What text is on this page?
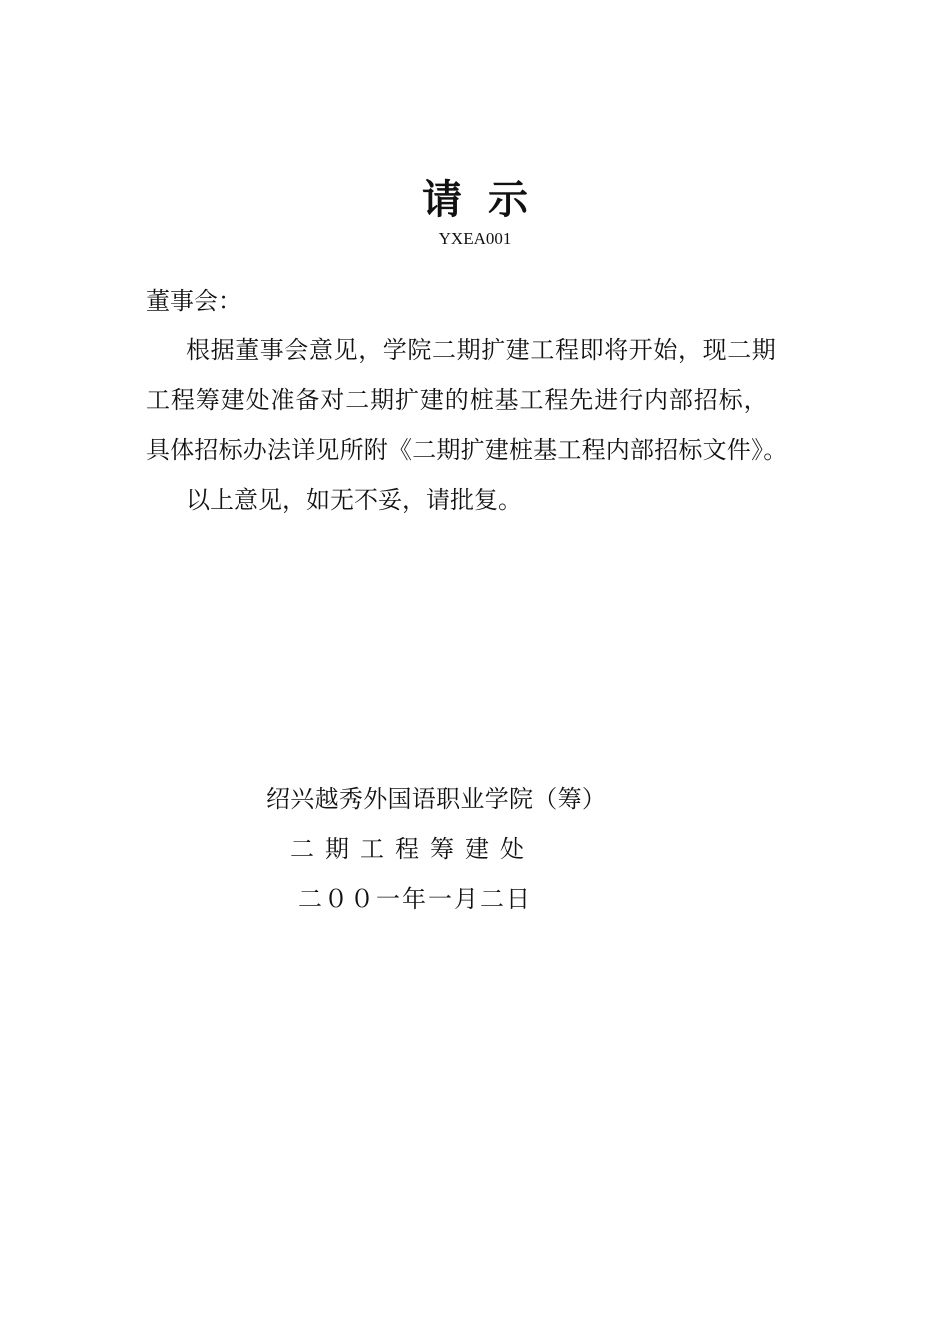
请示
YXEA001
董事会：
根据董事会意见，学院二期扩建工程即将开始，现二期
工程筹建处准备对二期扩建的桩基工程先进行内部招标，
具体招标办法详见所附《二期扩建桩基工程内部招标文件》。
以上意见，如无不妥，请批复。
绍兴越秀外国语职业学院（筹）
二期工程筹建处
二００一年一月二日
